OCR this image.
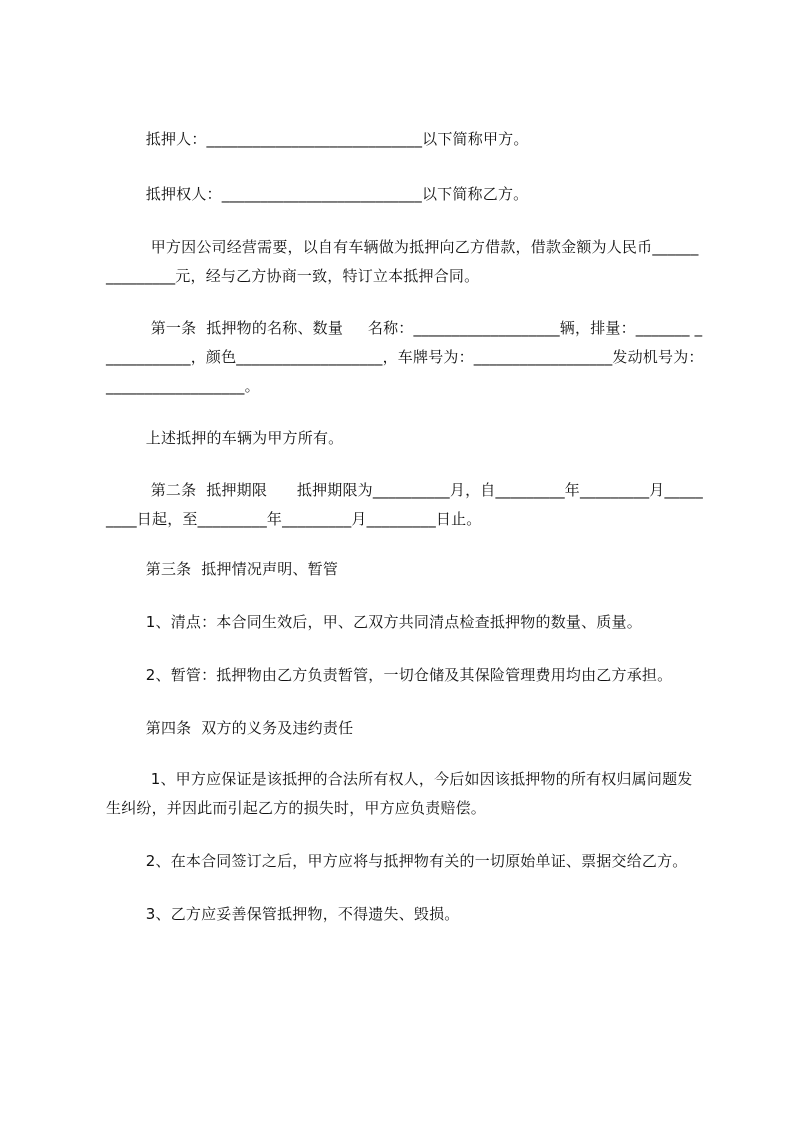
抵押人：____________________________以下简称甲方。

抵押权人：__________________________以下简称乙方。

甲方因公司经营需要，以自有车辆做为抵押向乙方借款，借款金额为人民币_______________元，经与乙方协商一致，特订立本抵押合同。

第一条  抵押物的名称、数量     名称：___________________辆，排量：_______ ____________，颜色___________________，车牌号为：__________________发动机号为：__________________。

上述抵押的车辆为甲方所有。

第二条  抵押期限      抵押期限为__________月，自_________年_________月_________日起，至_________年_________月_________日止。

第三条  抵押情况声明、暂管

1、清点：本合同生效后，甲、乙双方共同清点检查抵押物的数量、质量。

2、暂管：抵押物由乙方负责暂管，一切仓储及其保险管理费用均由乙方承担。

第四条  双方的义务及违约责任

1、甲方应保证是该抵押的合法所有权人，今后如因该抵押物的所有权归属问题发生纠纷，并因此而引起乙方的损失时，甲方应负责赔偿。

2、在本合同签订之后，甲方应将与抵押物有关的一切原始单证、票据交给乙方。

3、乙方应妥善保管抵押物，不得遗失、毁损。
